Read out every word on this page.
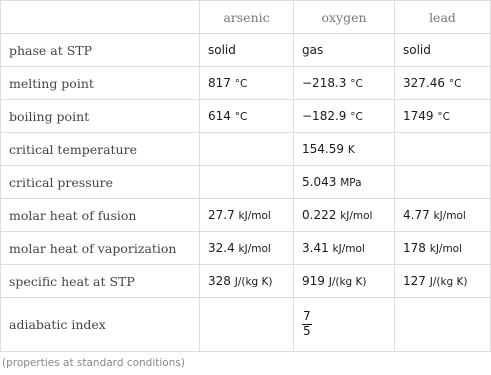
	arsenic	oxygen	lead
phase at STP	solid	gas	solid
melting point	817 °C	−218.3 °C	327.46 °C
boiling point	614 °C	−182.9 °C	1749 °C
critical temperature		154.59 K	
critical pressure		5.043 MPa	
molar heat of fusion	27.7 kJ/mol	0.222 kJ/mol	4.77 kJ/mol
molar heat of vaporization	32.4 kJ/mol	3.41 kJ/mol	178 kJ/mol
specific heat at STP	328 J/(kg K)	919 J/(kg K)	127 J/(kg K)
adiabatic index		$\frac{7}{5}$

(properties at standard conditions)
